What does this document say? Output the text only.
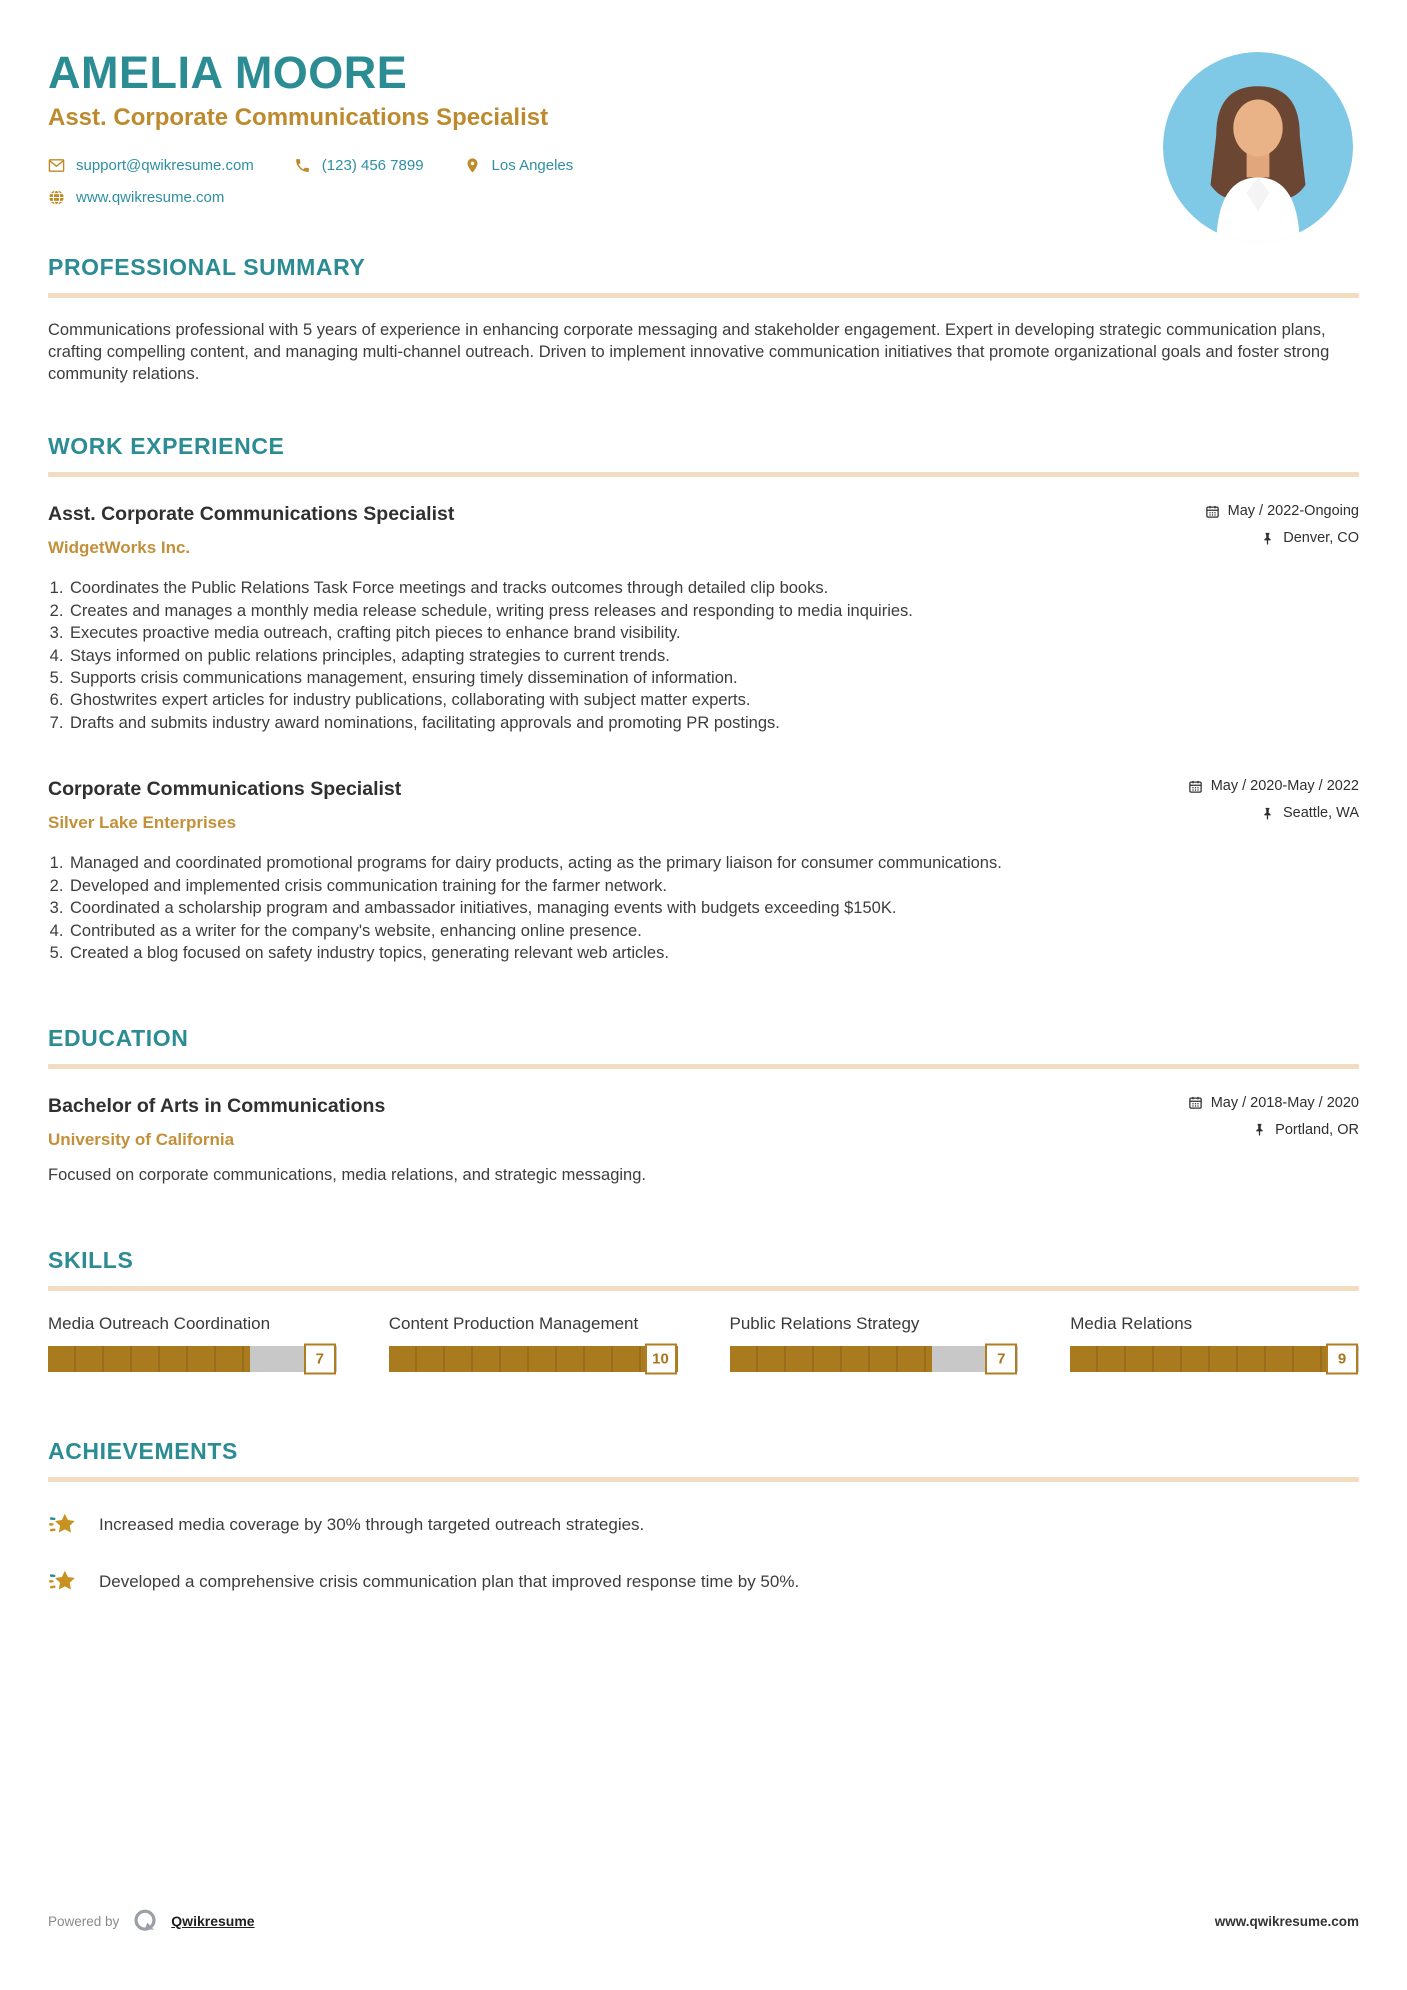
AMELIA MOORE
Asst. Corporate Communications Specialist
support@qwikresume.com	(123) 456 7899	Los Angeles
www.qwikresume.com
PROFESSIONAL SUMMARY
Communications professional with 5 years of experience in enhancing corporate messaging and stakeholder engagement. Expert in developing strategic communication plans, crafting compelling content, and managing multi-channel outreach. Driven to implement innovative communication initiatives that promote organizational goals and foster strong community relations.
WORK EXPERIENCE
Asst. Corporate Communications Specialist
WidgetWorks Inc.
May / 2022-Ongoing
Denver, CO
1. Coordinates the Public Relations Task Force meetings and tracks outcomes through detailed clip books.
2. Creates and manages a monthly media release schedule, writing press releases and responding to media inquiries.
3. Executes proactive media outreach, crafting pitch pieces to enhance brand visibility.
4. Stays informed on public relations principles, adapting strategies to current trends.
5. Supports crisis communications management, ensuring timely dissemination of information.
6. Ghostwrites expert articles for industry publications, collaborating with subject matter experts.
7. Drafts and submits industry award nominations, facilitating approvals and promoting PR postings.
Corporate Communications Specialist
Silver Lake Enterprises
May / 2020-May / 2022
Seattle, WA
1. Managed and coordinated promotional programs for dairy products, acting as the primary liaison for consumer communications.
2. Developed and implemented crisis communication training for the farmer network.
3. Coordinated a scholarship program and ambassador initiatives, managing events with budgets exceeding $150K.
4. Contributed as a writer for the company's website, enhancing online presence.
5. Created a blog focused on safety industry topics, generating relevant web articles.
EDUCATION
Bachelor of Arts in Communications
University of California
May / 2018-May / 2020
Portland, OR
Focused on corporate communications, media relations, and strategic messaging.
SKILLS
Media Outreach Coordination
7
Content Production Management
10
Public Relations Strategy
7
Media Relations
9
ACHIEVEMENTS
Increased media coverage by 30% through targeted outreach strategies.
Developed a comprehensive crisis communication plan that improved response time by 50%.
Powered by	Qwikresume	www.qwikresume.com
